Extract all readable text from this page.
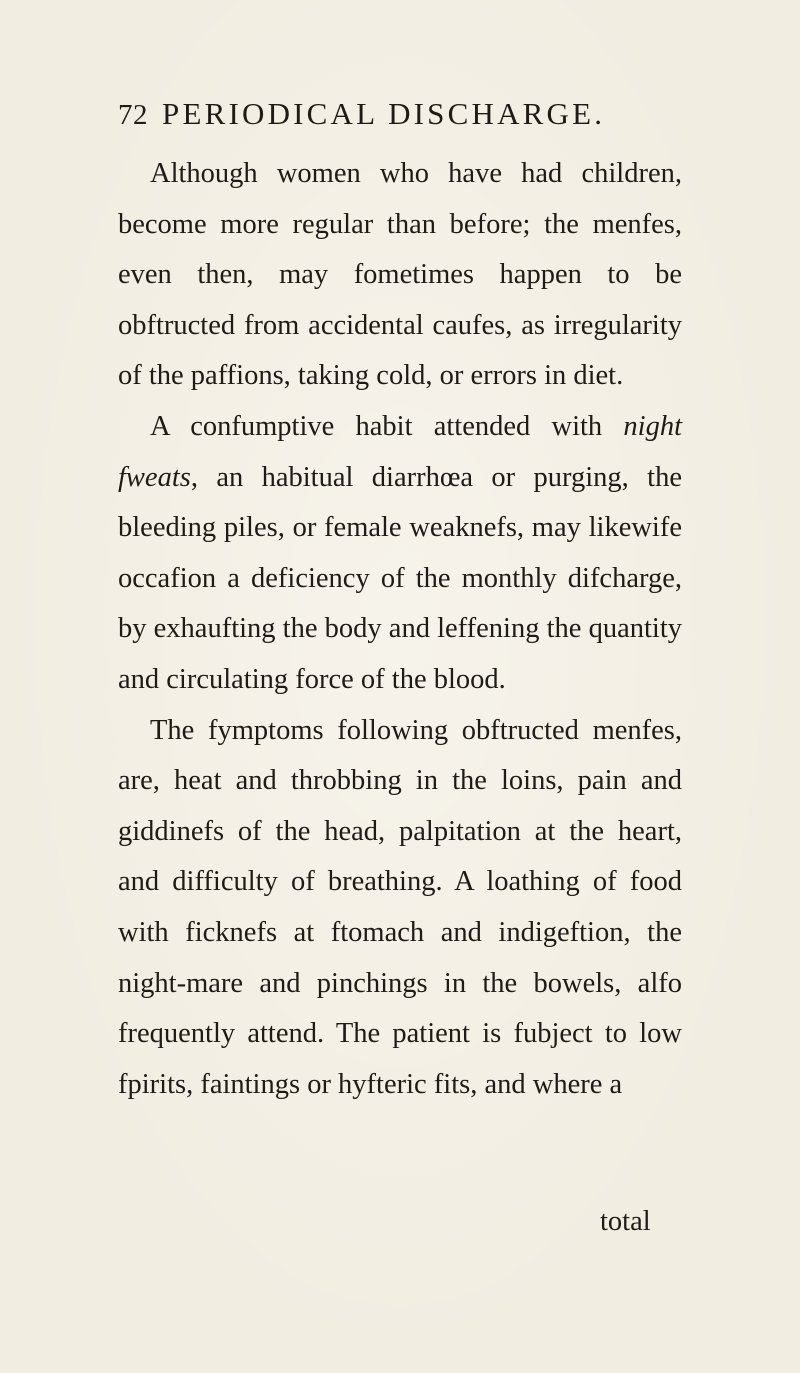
72 PERIODICAL DISCHARGE.

Although women who have had children, become more regular than before; the menfes, even then, may fometimes happen to be obftructed from accidental caufes, as irregularity of the paffions, taking cold, or errors in diet.

A confumptive habit attended with night fweats, an habitual diarrhœa or purging, the bleeding piles, or female weaknefs, may likewife occafion a deficiency of the monthly difcharge, by exhaufting the body and leffening the quantity and circulating force of the blood.

The fymptoms following obftructed menfes, are, heat and throbbing in the loins, pain and giddinefs of the head, palpitation at the heart, and difficulty of breathing. A loathing of food with ficknefs at ftomach and indigeftion, the night-mare and pinchings in the bowels, alfo frequently attend. The patient is fubject to low fpirits, faintings or hyfteric fits, and where a

total
